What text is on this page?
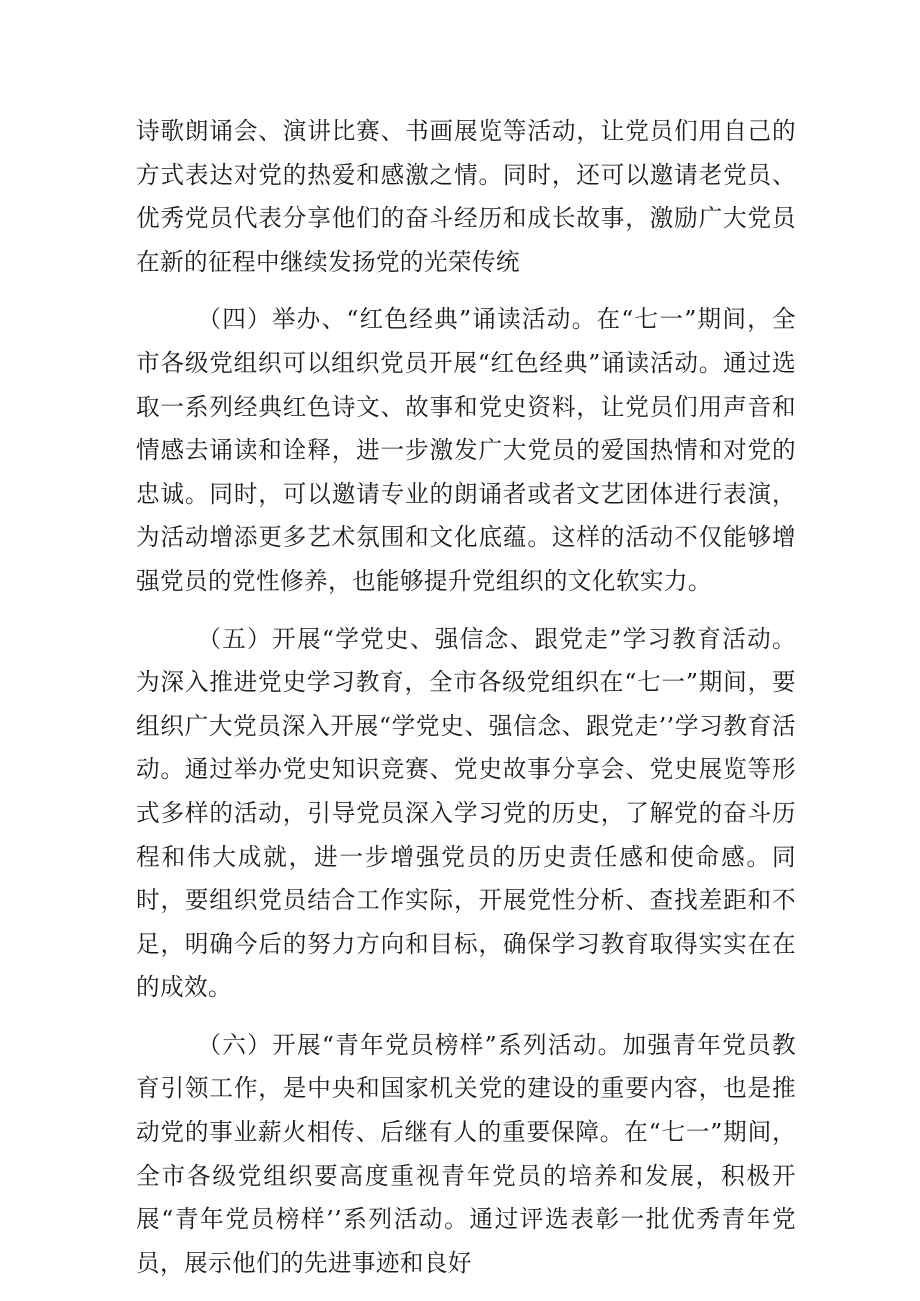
诗歌朗诵会、演讲比赛、书画展览等活动，让党员们用自己的方式表达对党的热爱和感激之情。同时，还可以邀请老党员、优秀党员代表分享他们的奋斗经历和成长故事，激励广大党员在新的征程中继续发扬党的光荣传统

（四）举办、“红色经典”诵读活动。在“七一”期间，全市各级党组织可以组织党员开展“红色经典”诵读活动。通过选取一系列经典红色诗文、故事和党史资料，让党员们用声音和情感去诵读和诠释，进一步激发广大党员的爱国热情和对党的忠诚。同时，可以邀请专业的朗诵者或者文艺团体进行表演，为活动增添更多艺术氛围和文化底蕴。这样的活动不仅能够增强党员的党性修养，也能够提升党组织的文化软实力。

（五）开展“学党史、强信念、跟党走”学习教育活动。为深入推进党史学习教育，全市各级党组织在“七一”期间，要组织广大党员深入开展“学党史、强信念、跟党走’’学习教育活动。通过举办党史知识竞赛、党史故事分享会、党史展览等形式多样的活动，引导党员深入学习党的历史，了解党的奋斗历程和伟大成就，进一步增强党员的历史责任感和使命感。同时，要组织党员结合工作实际，开展党性分析、查找差距和不足，明确今后的努力方向和目标，确保学习教育取得实实在在的成效。

（六）开展“青年党员榜样”系列活动。加强青年党员教育引领工作，是中央和国家机关党的建设的重要内容，也是推动党的事业薪火相传、后继有人的重要保障。在“七一”期间，全市各级党组织要高度重视青年党员的培养和发展，积极开展“青年党员榜样’’系列活动。通过评选表彰一批优秀青年党员，展示他们的先进事迹和良好
